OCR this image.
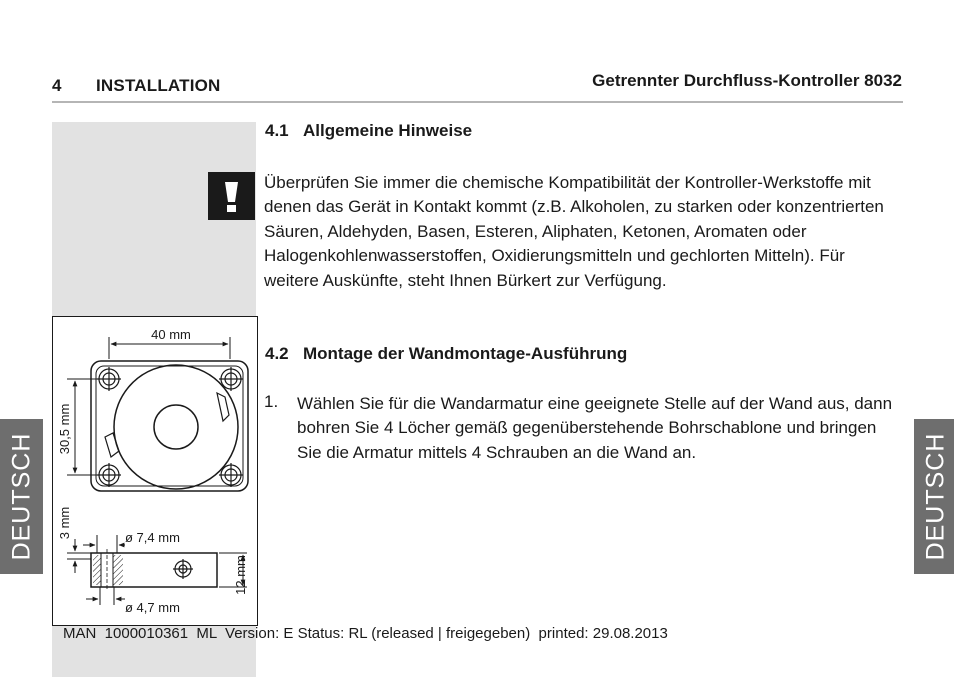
4 INSTALLATION	Getrennter Durchfluss-Kontroller 8032
DEUTSCH	DEUTSCH
4.1 Allgemeine Hinweise
Überprüfen Sie immer die chemische Kompatibilität der Kontroller-Werkstoffe mit denen das Gerät in Kontakt kommt (z.B. Alkoholen, zu starken oder konzentrierten Säuren, Aldehyden, Basen, Esteren, Aliphaten, Ketonen, Aromaten oder Halogenkohlenwasserstoffen, Oxidierungsmitteln und gechlorten Mitteln). Für weitere Auskünfte, steht Ihnen Bürkert zur Verfügung.
4.2 Montage der Wandmontage-Ausführung
1. Wählen Sie für die Wandarmatur eine geeignete Stelle auf der Wand aus, dann bohren Sie 4 Löcher gemäß gegenüberstehende Bohrschablone und bringen Sie die Armatur mittels 4 Schrauben an die Wand an.
40 mm
30,5 mm
ø 7,4 mm
ø 4,7 mm
3 mm
12 mm
MAN  1000010361  ML  Version: E Status: RL (released | freigegeben)  printed: 29.08.2013
